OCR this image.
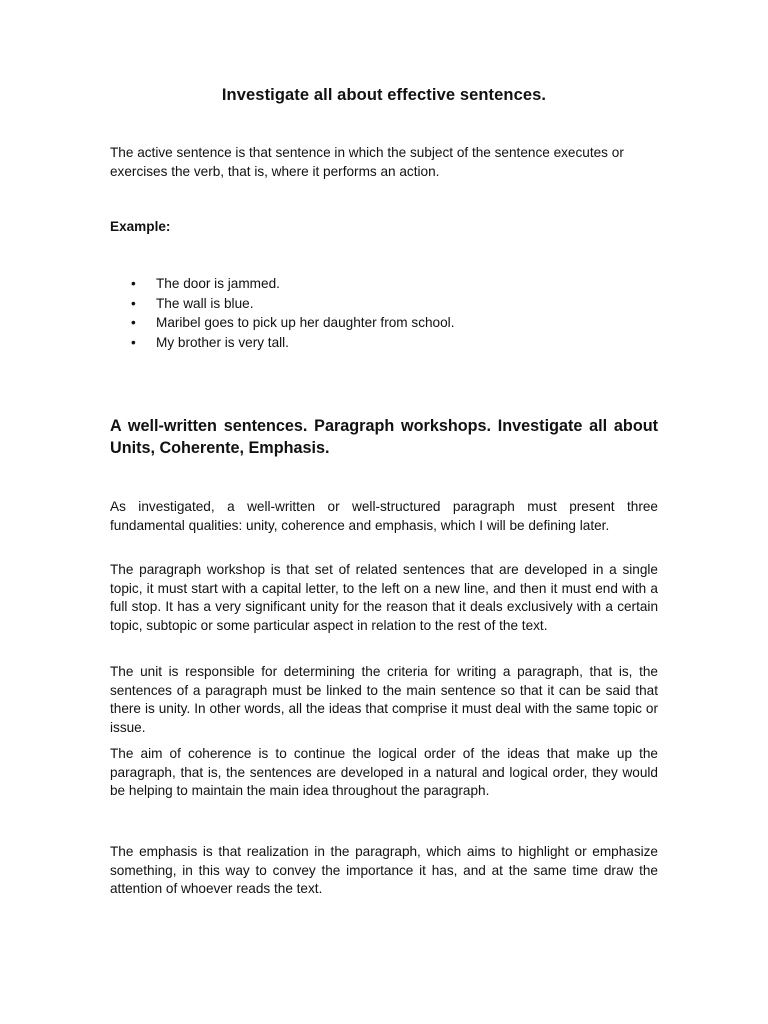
Investigate all about effective sentences.
The active sentence is that sentence in which the subject of the sentence executes or exercises the verb, that is, where it performs an action.
Example:
• The door is jammed.
• The wall is blue.
• Maribel goes to pick up her daughter from school.
• My brother is very tall.
A well-written sentences. Paragraph workshops. Investigate all about Units, Coherente, Emphasis.
As investigated, a well-written or well-structured paragraph must present three fundamental qualities: unity, coherence and emphasis, which I will be defining later.
The paragraph workshop is that set of related sentences that are developed in a single topic, it must start with a capital letter, to the left on a new line, and then it must end with a full stop. It has a very significant unity for the reason that it deals exclusively with a certain topic, subtopic or some particular aspect in relation to the rest of the text.
The unit is responsible for determining the criteria for writing a paragraph, that is, the sentences of a paragraph must be linked to the main sentence so that it can be said that there is unity. In other words, all the ideas that comprise it must deal with the same topic or issue.
The aim of coherence is to continue the logical order of the ideas that make up the paragraph, that is, the sentences are developed in a natural and logical order, they would be helping to maintain the main idea throughout the paragraph.
The emphasis is that realization in the paragraph, which aims to highlight or emphasize something, in this way to convey the importance it has, and at the same time draw the attention of whoever reads the text.
